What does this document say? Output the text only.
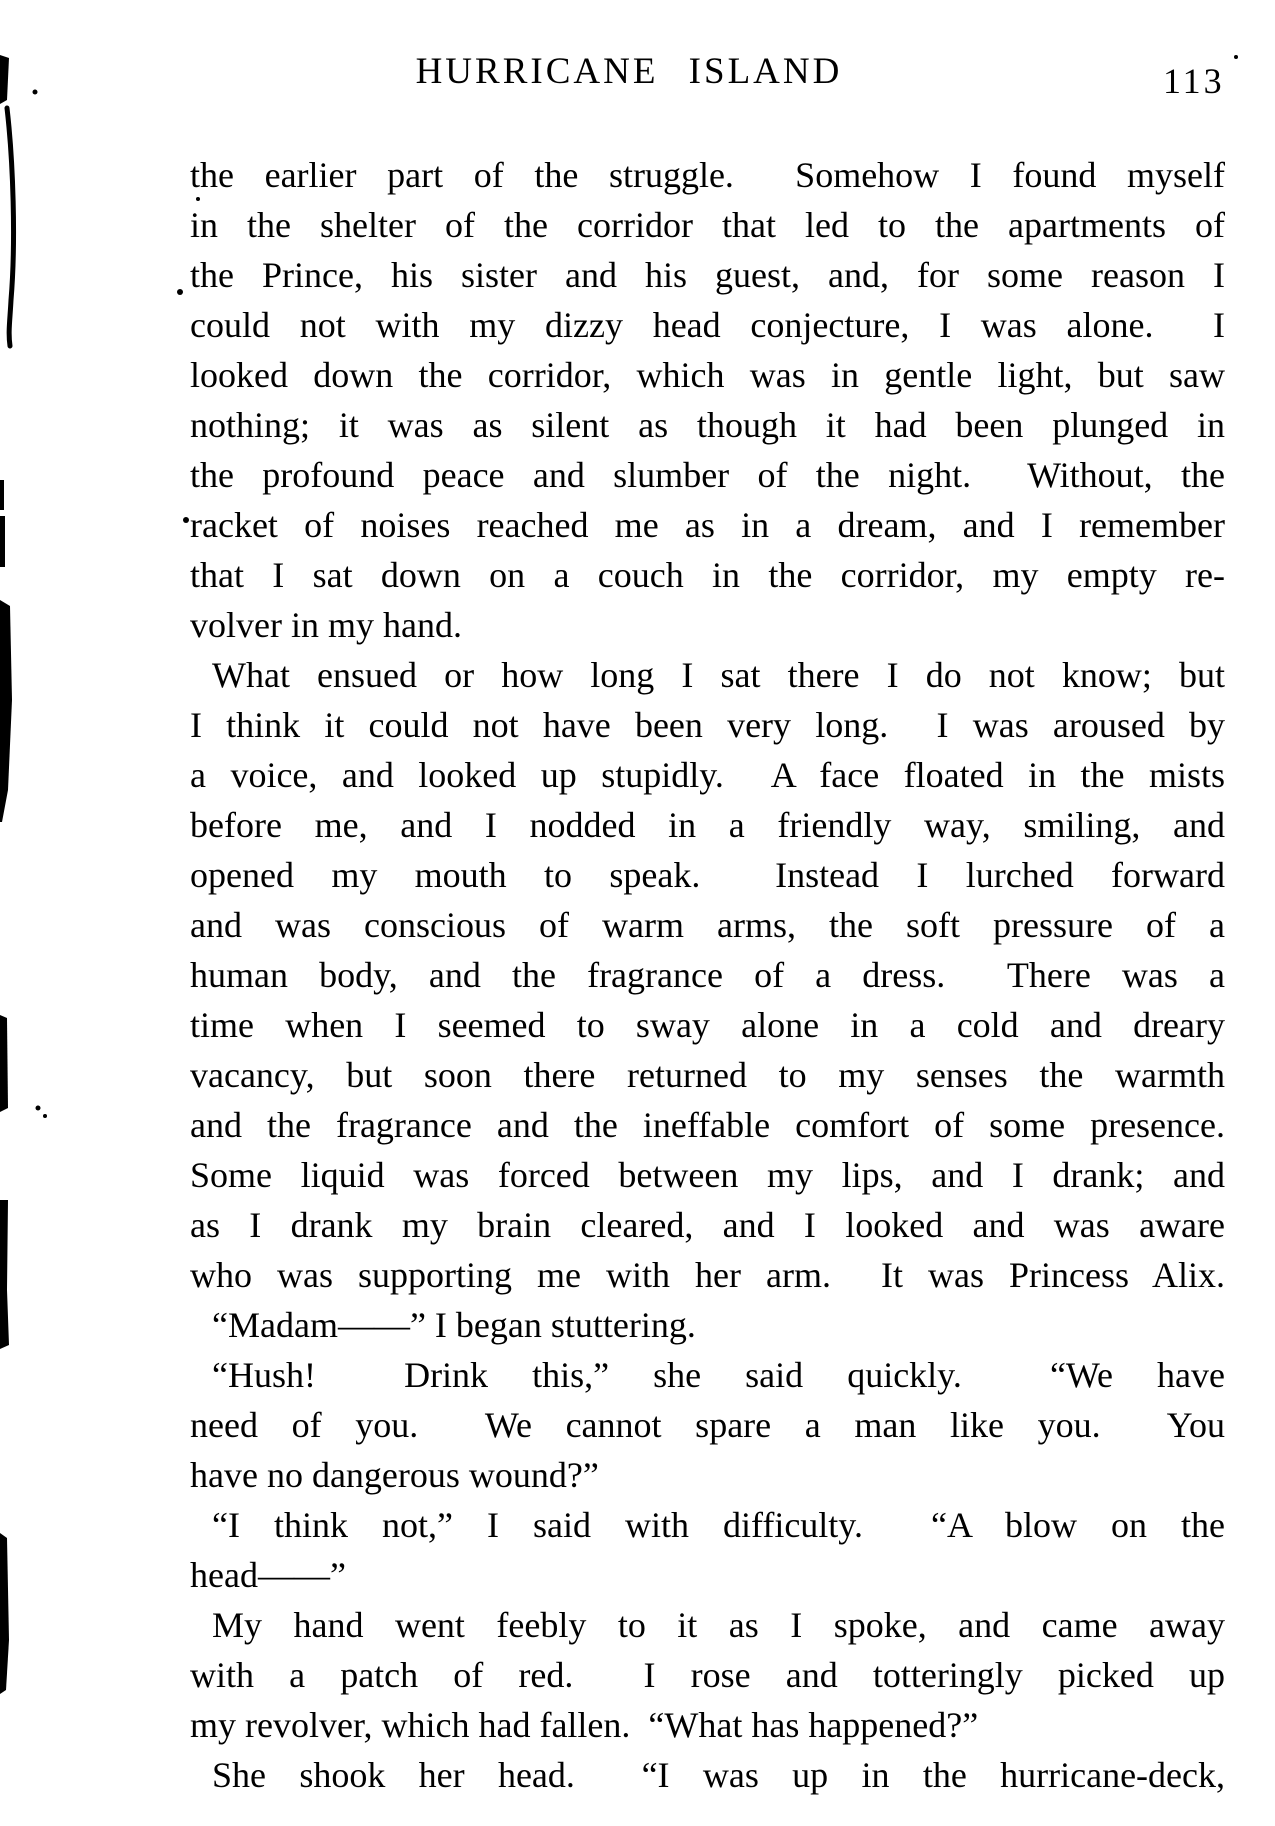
HURRICANE ISLAND	113
the earlier part of the struggle.  Somehow I found myself
in the shelter of the corridor that led to the apartments of
the Prince, his sister and his guest, and, for some reason I
could not with my dizzy head conjecture, I was alone.  I
looked down the corridor, which was in gentle light, but saw
nothing; it was as silent as though it had been plunged in
the profound peace and slumber of the night.  Without, the
racket of noises reached me as in a dream, and I remember
that I sat down on a couch in the corridor, my empty re-
volver in my hand.
What ensued or how long I sat there I do not know; but
I think it could not have been very long.  I was aroused by
a voice, and looked up stupidly.  A face floated in the mists
before me, and I nodded in a friendly way, smiling, and
opened my mouth to speak.  Instead I lurched forward
and was conscious of warm arms, the soft pressure of a
human body, and the fragrance of a dress.  There was a
time when I seemed to sway alone in a cold and dreary
vacancy, but soon there returned to my senses the warmth
and the fragrance and the ineffable comfort of some presence.
Some liquid was forced between my lips, and I drank; and
as I drank my brain cleared, and I looked and was aware
who was supporting me with her arm.  It was Princess Alix.
“Madam——” I began stuttering.
“Hush!  Drink this,” she said quickly.  “We have
need of you.  We cannot spare a man like you.  You
have no dangerous wound?”
“I think not,” I said with difficulty.  “A blow on the
head——”
My hand went feebly to it as I spoke, and came away
with a patch of red.  I rose and totteringly picked up
my revolver, which had fallen.  “What has happened?”
She shook her head.  “I was up in the hurricane-deck,
